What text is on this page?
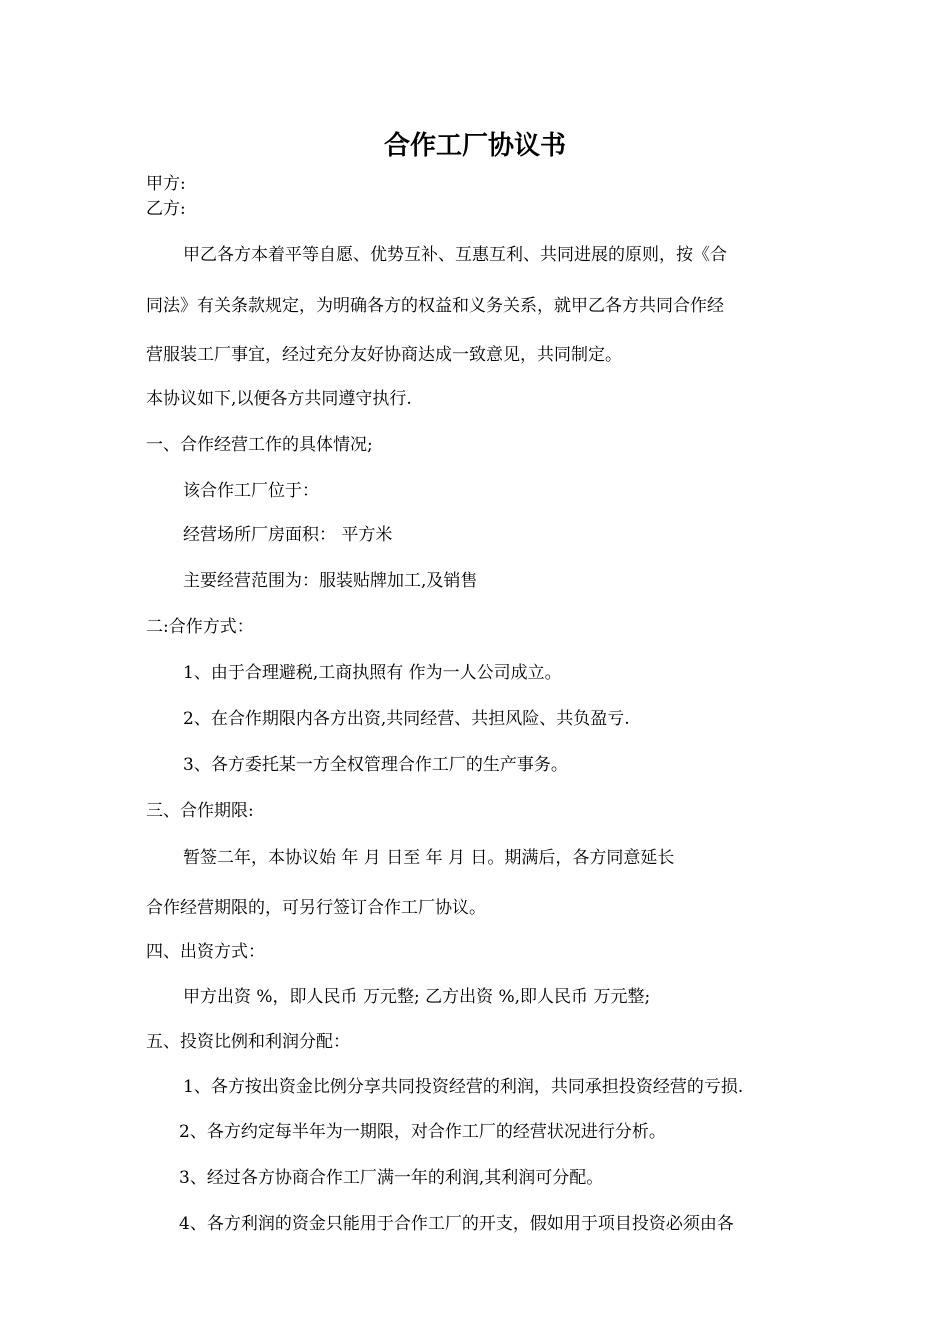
合作工厂协议书

甲方:

乙方:

甲乙各方本着平等自愿、优势互补、互惠互利、共同进展的原则，按《合

同法》有关条款规定，为明确各方的权益和义务关系，就甲乙各方共同合作经

营服装工厂事宜，经过充分友好协商达成一致意见，共同制定。

本协议如下,以便各方共同遵守执行.

一、合作经营工作的具体情况;

该合作工厂位于：

经营场所厂房面积： 平方米

主要经营范围为：服装贴牌加工,及销售

二:合作方式：

1、由于合理避税,工商执照有 作为一人公司成立。

2、在合作期限内各方出资,共同经营、共担风险、共负盈亏.

3、各方委托某一方全权管理合作工厂的生产事务。

三、合作期限:

暂签二年，本协议始 年 月 日至 年 月 日。期满后，各方同意延长

合作经营期限的，可另行签订合作工厂协议。

四、出资方式：

甲方出资 %，即人民币 万元整; 乙方出资 %,即人民币 万元整;

五、投资比例和利润分配：

1、各方按出资金比例分享共同投资经营的利润，共同承担投资经营的亏损.

2、各方约定每半年为一期限，对合作工厂的经营状况进行分析。

3、经过各方协商合作工厂满一年的利润,其利润可分配。

4、各方利润的资金只能用于合作工厂的开支，假如用于项目投资必须由各
